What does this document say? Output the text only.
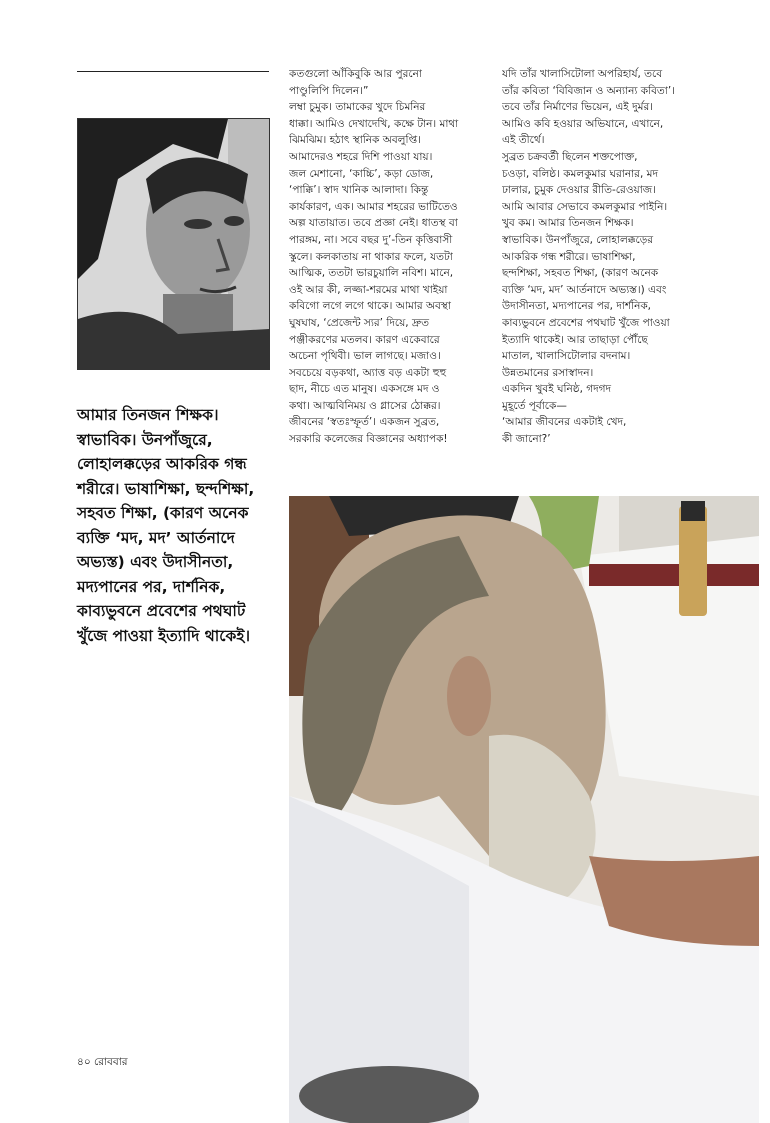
আমার তিনজন শিক্ষক।
স্বাভাবিক। উনপাঁজুরে,
লোহালক্কড়ের আকরিক গন্ধ
শরীরে। ভাষাশিক্ষা, ছন্দশিক্ষা,
সহবত শিক্ষা, (কারণ অনেক
ব্যক্তি ‘মদ, মদ’ আর্তনাদে
অভ্যস্ত) এবং উদাসীনতা,
মদ্যপানের পর, দার্শনিক,
কাব্যভুবনে প্রবেশের পথঘাট
খুঁজে পাওয়া ইত্যাদি থাকেই।
কতগুলো আঁকিবুকি আর পুরনো
পাণ্ডুলিপি দিলেন।”
লম্বা চুমুক। তামাকের খুদে চিমনির
ধাক্কা। আমিও দেখাদেখি, কক্ষে টান। মাথা
ঝিমঝিম। হঠাৎ স্থানিক অবলুপ্তি।
আমাদেরও শহরে দিশি পাওয়া যায়।
জল মেশানো, ‘কাচ্চি’, কড়া ডোজ,
‘পাক্কি’। স্বাদ খানিক আলাদা। কিন্তু
কার্যকারণ, এক। আমার শহরের ভাটিতেও
অল্প যাতায়াত। তবে প্রজ্ঞা নেই। ধাতস্থ বা
পারঙ্গম, না। সবে বছর দু’-তিন কৃত্তিবাসী
স্কুলে। কলকাতায় না থাকার ফলে, যতটা
আত্মিক, ততটা ভারচুয়ালি নবিশ। মানে,
ওই আর কী, লজ্জা-শরমের মাথা খাইয়া
কবিগো লগে লগে থাকে। আমার অবস্থা
ঘুষঘাষ, ‘প্রেজেন্ট স্যর’ দিয়ে, দ্রুত
পঞ্জীকরণের মতলব। কারণ একেবারে
অচেনা পৃথিবী। ভাল লাগছে। মজাও।
সবচেয়ে বড়কথা, অ্যাত্ত বড় একটা হুহু
ছাদ, নীচে এত মানুষ। একসঙ্গে মদ ও
কথা। আত্মবিনিময় ও গ্লাসের ঠোক্কর।
জীবনের ‘স্বতঃস্ফূর্ত’। একজন সুব্রত,
সরকারি কলেজের বিজ্ঞানের অধ্যাপক!
যদি তাঁর খালাসিটোলা অপরিহার্য, তবে
তাঁর কবিতা ‘বিবিজান ও অন্যান্য কবিতা’।
তবে তাঁর নির্মাণের ভিয়েন, এই দুর্মর।
আমিও কবি হওয়ার অভিযানে, এখানে,
এই তীর্থে।
সুব্রত চক্রবর্তী ছিলেন শক্তপোক্ত,
চওড়া, বলিষ্ঠ। কমলকুমার ঘরানার, মদ
ঢালার, চুমুক দেওয়ার রীতি-রেওয়াজ।
আমি আবার সেভাবে কমলকুমার পাইনি।
খুব কম। আমার তিনজন শিক্ষক।
স্বাভাবিক। উনপাঁজুরে, লোহালক্কড়ের
আকরিক গন্ধ শরীরে। ভাষাশিক্ষা,
ছন্দশিক্ষা, সহবত শিক্ষা, (কারণ অনেক
ব্যক্তি ‘মদ, মদ’ আর্তনাদে অভ্যস্ত।) এবং
উদাসীনতা, মদ্যপানের পর, দার্শনিক,
কাব্যভুবনে প্রবেশের পথঘাট খুঁজে পাওয়া
ইত্যাদি থাকেই। আর তাছাড়া পৌঁছে
মাতাল, খালাসিটোলার বদনাম।
উন্নতমানের রসাস্বাদন।
একদিন খুবই ঘনিষ্ঠ, গদগদ
মুহূর্তে পূর্বাকে—
‘আমার জীবনের একটাই খেদ,
কী জানো?’
৪০ রোববার
